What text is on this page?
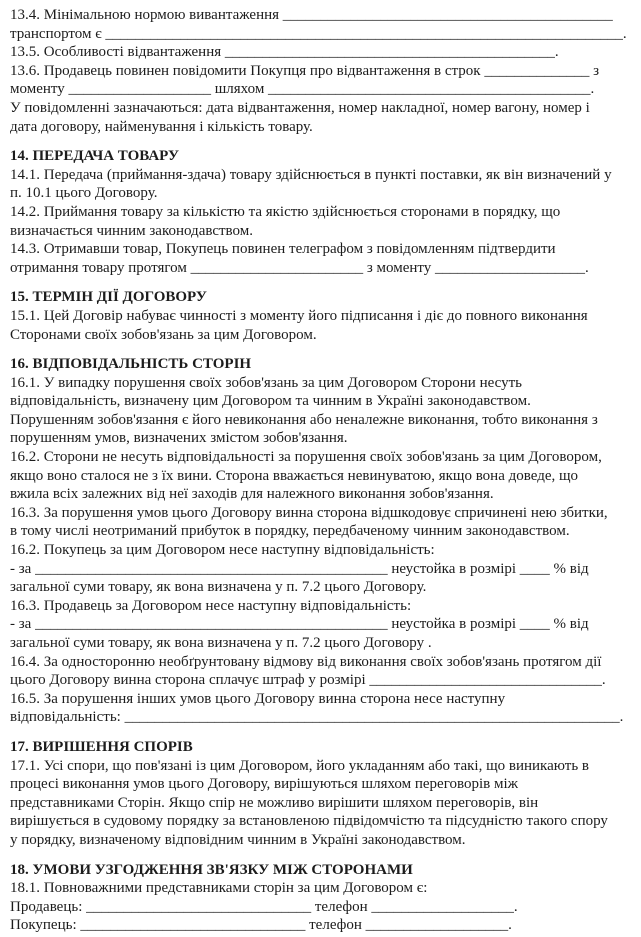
13.4. Мінімальною нормою вивантаження ____________________________________________
транспортом є _____________________________________________________________________.
13.5. Особливості відвантаження ____________________________________________.
13.6. Продавець повинен повідомити Покупця про відвантаження в строк ______________ з
моменту ___________________ шляхом ___________________________________________.
У повідомленні зазначаються: дата відвантаження, номер накладної, номер вагону, номер і
дата договору, найменування і кількість товару.
14. ПЕРЕДАЧА ТОВАРУ
14.1. Передача (приймання-здача) товару здійснюється в пункті поставки, як він визначений у
п. 10.1 цього Договору.
14.2. Приймання товару за кількістю та якістю здійснюється сторонами в порядку, що
визначається чинним законодавством.
14.3. Отримавши товар, Покупець повинен телеграфом з повідомленням підтвердити
отримання товару протягом _______________________ з моменту ____________________.
15. ТЕРМІН ДІЇ ДОГОВОРУ
15.1. Цей Договір набуває чинності з моменту його підписання і діє до повного виконання
Сторонами своїх зобов'язань за цим Договором.
16. ВІДПОВІДАЛЬНІСТЬ СТОРІН
16.1. У випадку порушення своїх зобов'язань за цим Договором Сторони несуть
відповідальність, визначену цим Договором та чинним в Україні законодавством.
Порушенням зобов'язання є його невиконання або неналежне виконання, тобто виконання з
порушенням умов, визначених змістом зобов'язання.
16.2. Сторони не несуть відповідальності за порушення своїх зобов'язань за цим Договором,
якщо воно сталося не з їх вини. Сторона вважається невинуватою, якщо вона доведе, що
вжила всіх залежних від неї заходів для належного виконання зобов'язання.
16.3. За порушення умов цього Договору винна сторона відшкодовує спричинені нею збитки,
в тому числі неотриманий прибуток в порядку, передбаченому чинним законодавством.
16.2. Покупець за цим Договором несе наступну відповідальність:
- за _______________________________________________ неустойка в розмірі ____ % від
загальної суми товару, як вона визначена у п. 7.2 цього Договору.
16.3. Продавець за Договором несе наступну відповідальність:
- за _______________________________________________ неустойка в розмірі ____ % від
загальної суми товару, як вона визначена у п. 7.2 цього Договору .
16.4. За односторонню необґрунтовану відмову від виконання своїх зобов'язань протягом дії
цього Договору винна сторона сплачує штраф у розмірі _______________________________.
16.5. За порушення інших умов цього Договору винна сторона несе наступну
відповідальність: __________________________________________________________________.
17. ВИРІШЕННЯ СПОРІВ
17.1. Усі спори, що пов'язані із цим Договором, його укладанням або такі, що виникають в
процесі виконання умов цього Договору, вирішуються шляхом переговорів між
представниками Сторін. Якщо спір не можливо вирішити шляхом переговорів, він
вирішується в судовому порядку за встановленою підвідомчістю та підсудністю такого спору
у порядку, визначеному відповідним чинним в Україні законодавством.
18. УМОВИ УЗГОДЖЕННЯ ЗВ'ЯЗКУ МІЖ СТОРОНАМИ
18.1. Повноважними представниками сторін за цим Договором є:
Продавець: ______________________________ телефон ___________________.
Покупець: ______________________________ телефон ___________________.
